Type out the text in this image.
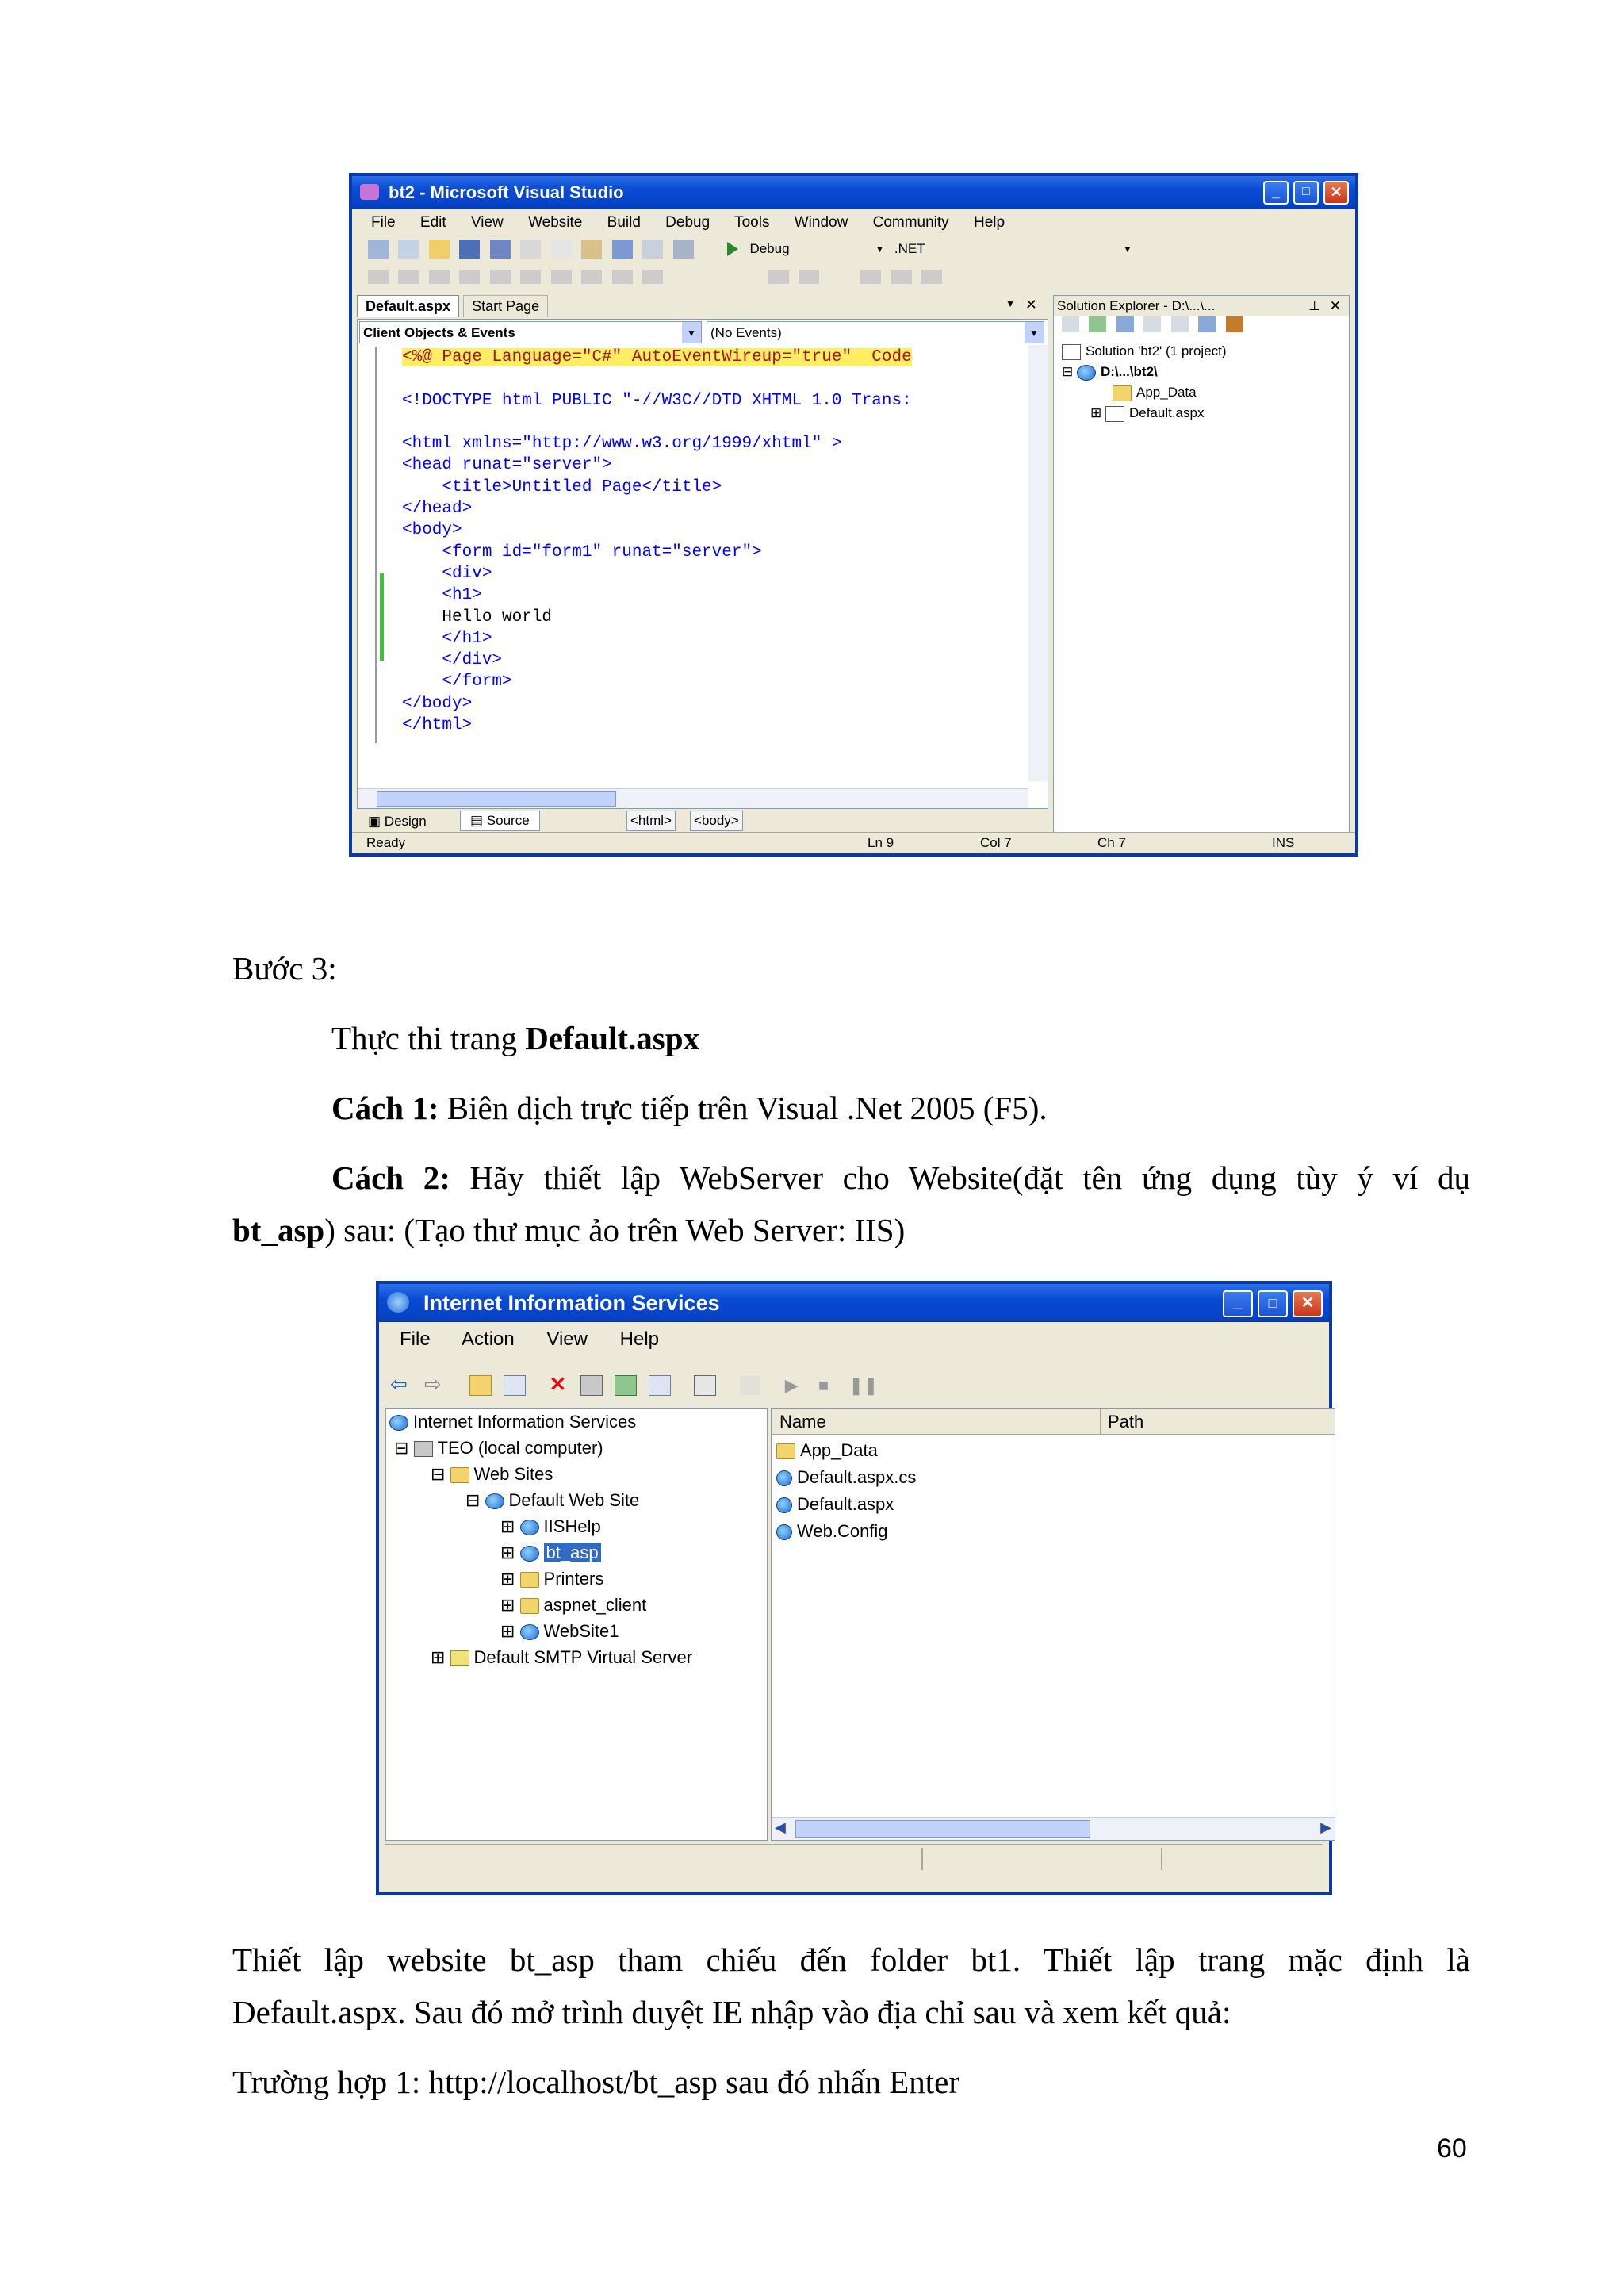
bt2 - Microsoft Visual Studio	_	□	✕
File Edit View Website Build Debug Tools Window Community Help
Debug	▼ .NET	▼

Default.aspx Start Page	▼ ✕
Client Objects & Events	▼	(No Events)	▼
<%@ Page Language="C#" AutoEventWireup="true"  Code

<!DOCTYPE html PUBLIC "-//W3C//DTD XHTML 1.0 Trans:

<html xmlns="http://www.w3.org/1999/xhtml" >
<head runat="server">
<title>Untitled Page</title>
</head>
<body>
<form id="form1" runat="server">
<div>
<h1>
Hello world
</h1>
</div>
</form>
</body>
</html>
▣ Design	▤ Source	<html> <body>
Solution Explorer - D:\...\...	⊥ ✕

Solution 'bt2' (1 project)
⊟ D:\...\bt2\
App_Data
⊞ Default.aspx
Ready	Ln 9	Col 7	Ch 7	INS
Bước 3:
Thực thi trang Default.aspx
Cách 1: Biên dịch trực tiếp trên Visual .Net 2005 (F5).
Cách 2: Hãy thiết lập WebServer cho Website(đặt tên ứng dụng tùy ý ví dụ
bt_asp) sau: (Tạo thư mục ảo trên Web Server: IIS)
Internet Information Services	_	□	✕
File Action View Help
⇦ ⇨	✕	▶ ■ ❚❚
Internet Information Services
⊟ TEO (local computer)
⊟ Web Sites
⊟ Default Web Site
⊞ IISHelp
⊞ bt_asp
⊞ Printers
⊞ aspnet_client
⊞ WebSite1
⊞ Default SMTP Virtual Server
Name	Path
App_Data
Default.aspx.cs
Default.aspx
Web.Config
◀	▶
Thiết lập website bt_asp tham chiếu đến folder bt1. Thiết lập trang mặc định là
Default.aspx. Sau đó mở trình duyệt IE nhập vào địa chỉ sau và xem kết quả:
Trường hợp 1: http://localhost/bt_asp sau đó nhấn Enter
60
